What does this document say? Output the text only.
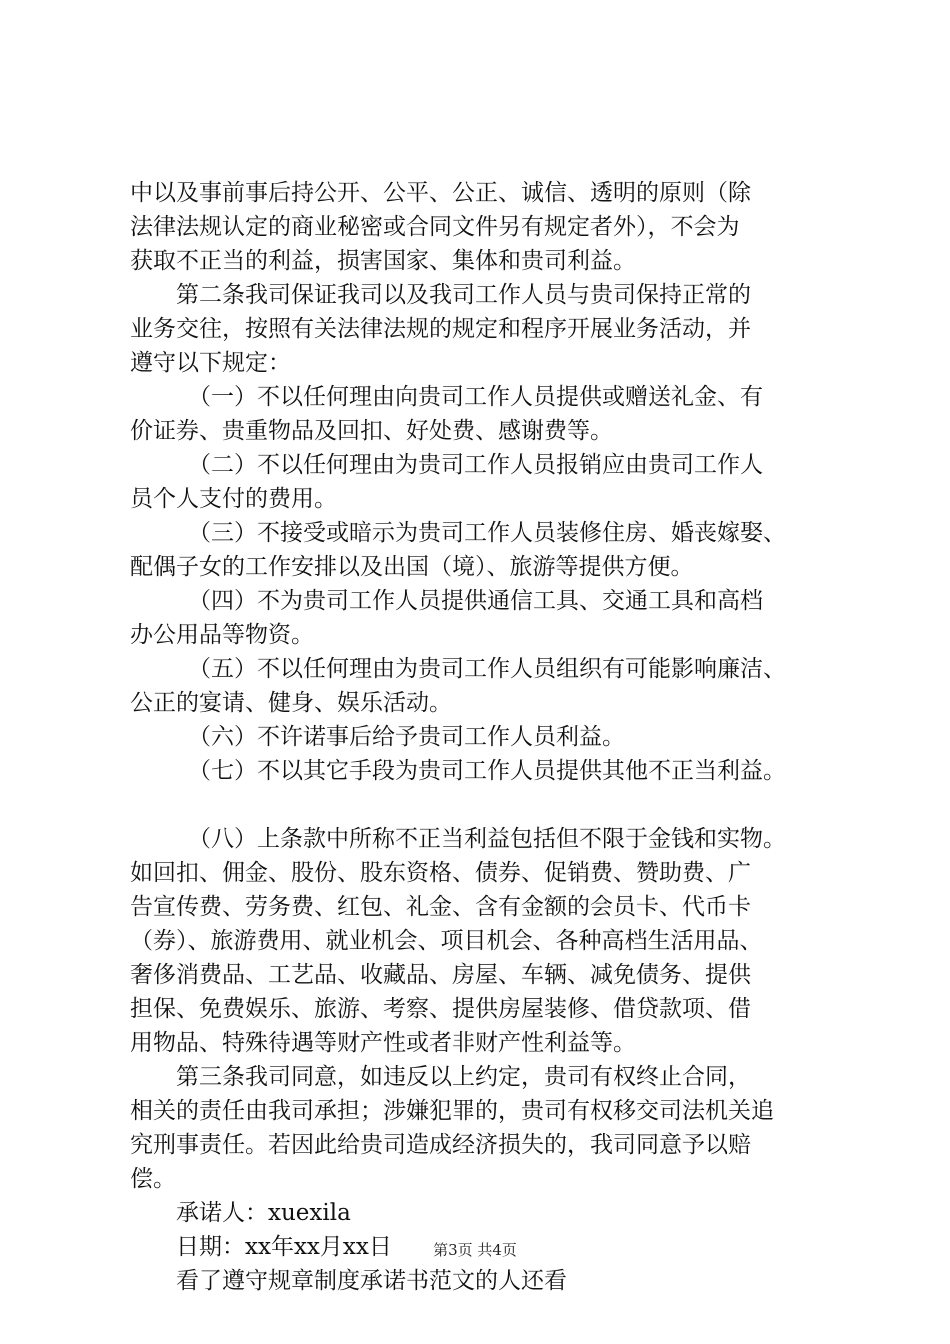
中以及事前事后持公开、公平、公正、诚信、透明的原则（除
法律法规认定的商业秘密或合同文件另有规定者外），不会为
获取不正当的利益，损害国家、集体和贵司利益。
第二条我司保证我司以及我司工作人员与贵司保持正常的
业务交往，按照有关法律法规的规定和程序开展业务活动，并
遵守以下规定：
（一）不以任何理由向贵司工作人员提供或赠送礼金、有
价证券、贵重物品及回扣、好处费、感谢费等。
（二）不以任何理由为贵司工作人员报销应由贵司工作人
员个人支付的费用。
（三）不接受或暗示为贵司工作人员装修住房、婚丧嫁娶、
配偶子女的工作安排以及出国（境）、旅游等提供方便。
（四）不为贵司工作人员提供通信工具、交通工具和高档
办公用品等物资。
（五）不以任何理由为贵司工作人员组织有可能影响廉洁、
公正的宴请、健身、娱乐活动。
（六）不许诺事后给予贵司工作人员利益。
（七）不以其它手段为贵司工作人员提供其他不正当利益。
（八）上条款中所称不正当利益包括但不限于金钱和实物。
如回扣、佣金、股份、股东资格、债券、促销费、赞助费、广
告宣传费、劳务费、红包、礼金、含有金额的会员卡、代币卡
（券）、旅游费用、就业机会、项目机会、各种高档生活用品、
奢侈消费品、工艺品、收藏品、房屋、车辆、减免债务、提供
担保、免费娱乐、旅游、考察、提供房屋装修、借贷款项、借
用物品、特殊待遇等财产性或者非财产性利益等。
第三条我司同意，如违反以上约定，贵司有权终止合同，
相关的责任由我司承担；涉嫌犯罪的，贵司有权移交司法机关追
究刑事责任。若因此给贵司造成经济损失的，我司同意予以赔
偿。
承诺人：xuexila
日期：xx年xx月xx日
看了遵守规章制度承诺书范文的人还看
第3页 共4页
